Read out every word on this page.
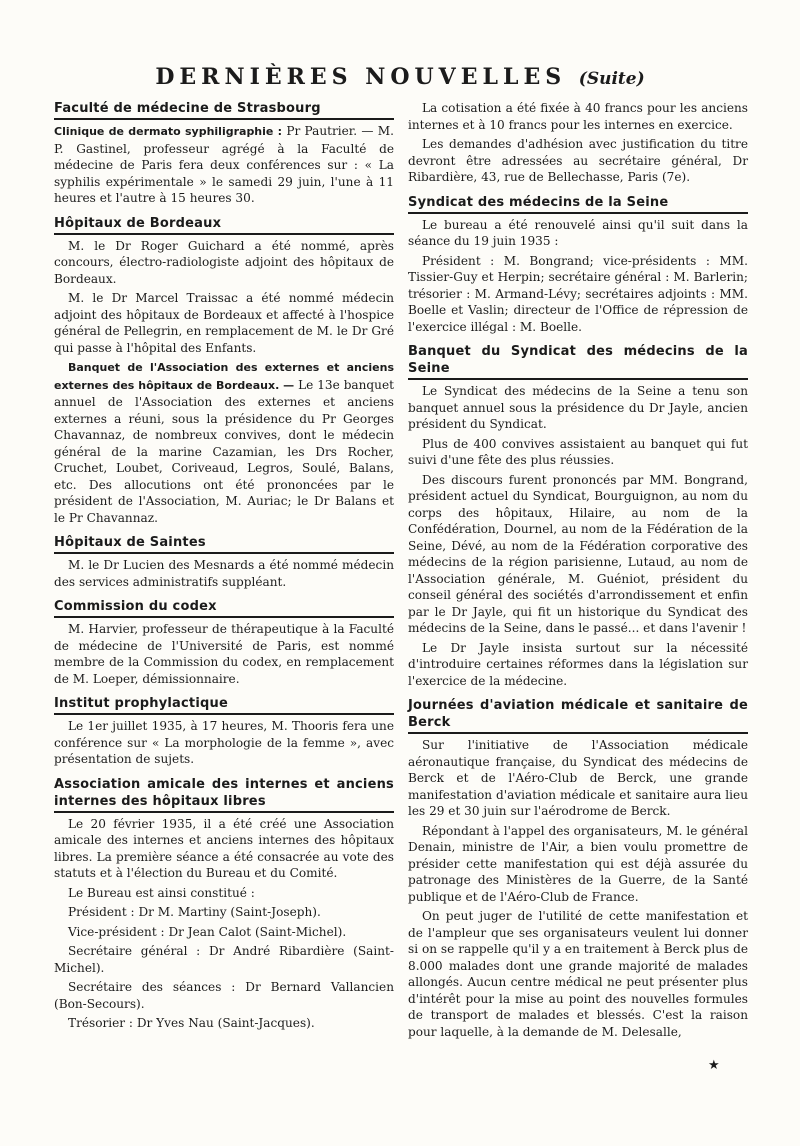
DERNIÈRES NOUVELLES (Suite)
Faculté de médecine de Strasbourg

Clinique de dermato syphiligraphie : Pr Pautrier. — M. P. Gastinel, professeur agrégé à la Faculté de médecine de Paris fera deux conférences sur : « La syphilis expérimentale » le samedi 29 juin, l'une à 11 heures et l'autre à 15 heures 30.

Hôpitaux de Bordeaux

M. le Dr Roger Guichard a été nommé, après concours, électro-radiologiste adjoint des hôpitaux de Bordeaux.

M. le Dr Marcel Traissac a été nommé médecin adjoint des hôpitaux de Bordeaux et affecté à l'hospice général de Pellegrin, en remplacement de M. le Dr Gré qui passe à l'hôpital des Enfants.

Banquet de l'Association des externes et anciens externes des hôpitaux de Bordeaux. — Le 13e banquet annuel de l'Association des externes et anciens externes a réuni, sous la présidence du Pr Georges Chavannaz, de nombreux convives, dont le médecin général de la marine Cazamian, les Drs Rocher, Cruchet, Loubet, Coriveaud, Legros, Soulé, Balans, etc. Des allocutions ont été prononcées par le président de l'Association, M. Auriac; le Dr Balans et le Pr Chavannaz.

Hôpitaux de Saintes

M. le Dr Lucien des Mesnards a été nommé médecin des services administratifs suppléant.

Commission du codex

M. Harvier, professeur de thérapeutique à la Faculté de médecine de l'Université de Paris, est nommé membre de la Commission du codex, en remplacement de M. Loeper, démissionnaire.

Institut prophylactique

Le 1er juillet 1935, à 17 heures, M. Thooris fera une conférence sur « La morphologie de la femme », avec présentation de sujets.

Association amicale des internes et anciens internes des hôpitaux libres

Le 20 février 1935, il a été créé une Association amicale des internes et anciens internes des hôpitaux libres. La première séance a été consacrée au vote des statuts et à l'élection du Bureau et du Comité.

Le Bureau est ainsi constitué :

Président : Dr M. Martiny (Saint-Joseph).

Vice-président : Dr Jean Calot (Saint-Michel).

Secrétaire général : Dr André Ribardière (Saint-Michel).

Secrétaire des séances : Dr Bernard Vallancien (Bon-Secours).

Trésorier : Dr Yves Nau (Saint-Jacques).

La cotisation a été fixée à 40 francs pour les anciens internes et à 10 francs pour les internes en exercice.

Les demandes d'adhésion avec justification du titre devront être adressées au secrétaire général, Dr Ribardière, 43, rue de Bellechasse, Paris (7e).

Syndicat des médecins de la Seine

Le bureau a été renouvelé ainsi qu'il suit dans la séance du 19 juin 1935 :

Président : M. Bongrand; vice-présidents : MM. Tissier-Guy et Herpin; secrétaire général : M. Barlerin; trésorier : M. Armand-Lévy; secrétaires adjoints : MM. Boelle et Vaslin; directeur de l'Office de répression de l'exercice illégal : M. Boelle.

Banquet du Syndicat des médecins de la Seine

Le Syndicat des médecins de la Seine a tenu son banquet annuel sous la présidence du Dr Jayle, ancien président du Syndicat.

Plus de 400 convives assistaient au banquet qui fut suivi d'une fête des plus réussies.

Des discours furent prononcés par MM. Bongrand, président actuel du Syndicat, Bourguignon, au nom du corps des hôpitaux, Hilaire, au nom de la Confédération, Dournel, au nom de la Fédération de la Seine, Dévé, au nom de la Fédération corporative des médecins de la région parisienne, Lutaud, au nom de l'Association générale, M. Guéniot, président du conseil général des sociétés d'arrondissement et enfin par le Dr Jayle, qui fit un historique du Syndicat des médecins de la Seine, dans le passé... et dans l'avenir !

Le Dr Jayle insista surtout sur la nécessité d'introduire certaines réformes dans la législation sur l'exercice de la médecine.

Journées d'aviation médicale et sanitaire de Berck

Sur l'initiative de l'Association médicale aéronautique française, du Syndicat des médecins de Berck et de l'Aéro-Club de Berck, une grande manifestation d'aviation médicale et sanitaire aura lieu les 29 et 30 juin sur l'aérodrome de Berck.

Répondant à l'appel des organisateurs, M. le général Denain, ministre de l'Air, a bien voulu promettre de présider cette manifestation qui est déjà assurée du patronage des Ministères de la Guerre, de la Santé publique et de l'Aéro-Club de France.

On peut juger de l'utilité de cette manifestation et de l'ampleur que ses organisateurs veulent lui donner si on se rappelle qu'il y a en traitement à Berck plus de 8.000 malades dont une grande majorité de malades allongés. Aucun centre médical ne peut présenter plus d'intérêt pour la mise au point des nouvelles formules de transport de malades et blessés. C'est la raison pour laquelle, à la demande de M. Delesalle,

★
